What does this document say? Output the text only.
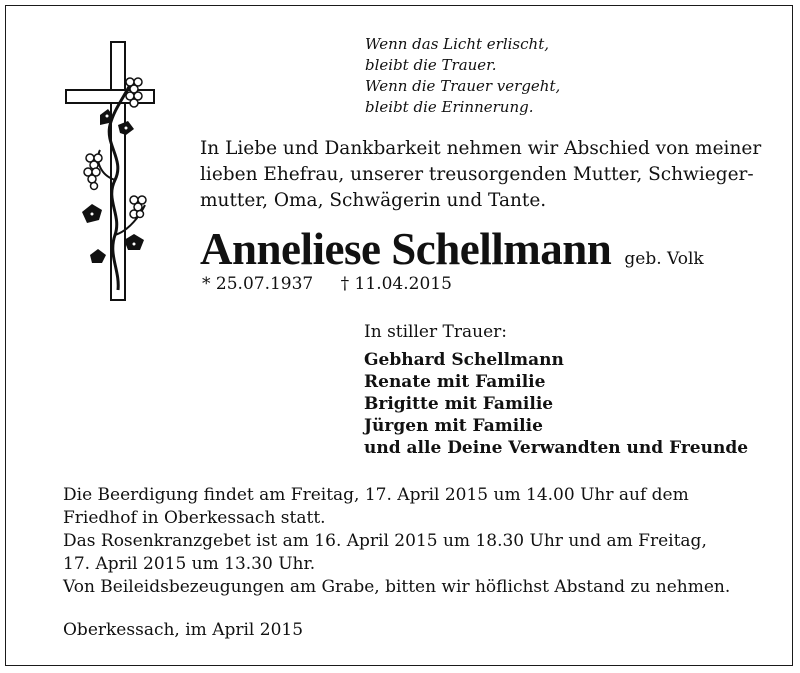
Wenn das Licht erlischt,
bleibt die Trauer.
Wenn die Trauer vergeht,
bleibt die Erinnerung.
In Liebe und Dankbarkeit nehmen wir Abschied von meiner
lieben Ehefrau, unserer treusorgenden Mutter, Schwieger-
mutter, Oma, Schwägerin und Tante.
Anneliese Schellmann geb. Volk
* 25.07.1937 † 11.04.2015
In stiller Trauer:
Gebhard Schellmann
Renate mit Familie
Brigitte mit Familie
Jürgen mit Familie
und alle Deine Verwandten und Freunde
Die Beerdigung findet am Freitag, 17. April 2015 um 14.00 Uhr auf dem
Friedhof in Oberkessach statt.
Das Rosenkranzgebet ist am 16. April 2015 um 18.30 Uhr und am Freitag,
17. April 2015 um 13.30 Uhr.
Von Beileidsbezeugungen am Grabe, bitten wir höflichst Abstand zu nehmen.
Oberkessach, im April 2015
